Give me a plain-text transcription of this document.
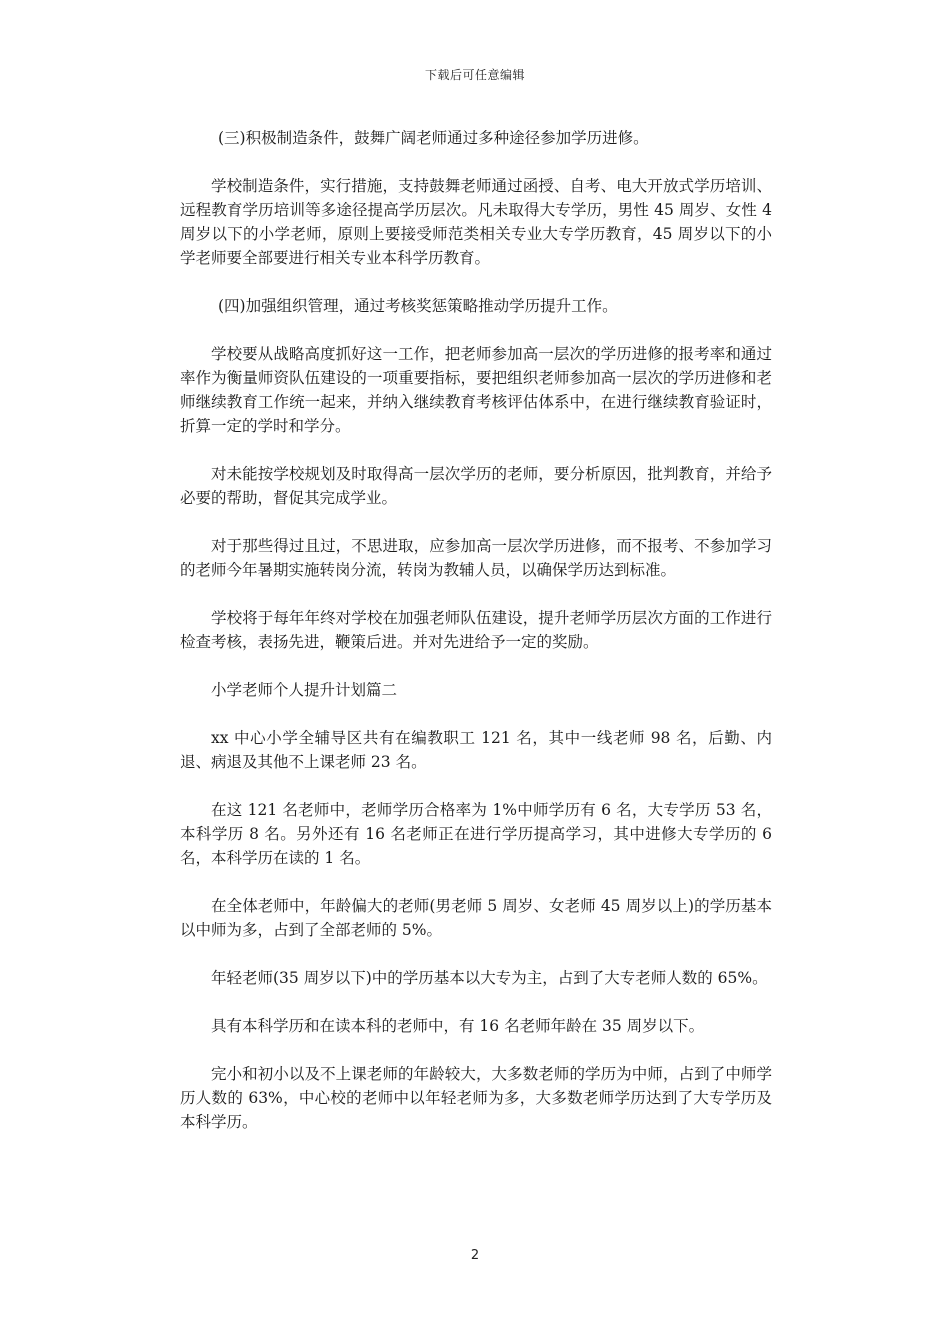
下载后可任意编辑

(三)积极制造条件，鼓舞广阔老师通过多种途径参加学历进修。

学校制造条件，实行措施，支持鼓舞老师通过函授、自考、电大开放式学历培训、远程教育学历培训等多途径提高学历层次。凡未取得大专学历，男性 45 周岁、女性 4 周岁以下的小学老师，原则上要接受师范类相关专业大专学历教育，45 周岁以下的小学老师要全部要进行相关专业本科学历教育。

(四)加强组织管理，通过考核奖惩策略推动学历提升工作。

学校要从战略高度抓好这一工作，把老师参加高一层次的学历进修的报考率和通过率作为衡量师资队伍建设的一项重要指标，要把组织老师参加高一层次的学历进修和老师继续教育工作统一起来，并纳入继续教育考核评估体系中，在进行继续教育验证时，折算一定的学时和学分。

对未能按学校规划及时取得高一层次学历的老师，要分析原因，批判教育，并给予必要的帮助，督促其完成学业。

对于那些得过且过，不思进取，应参加高一层次学历进修，而不报考、不参加学习的老师今年暑期实施转岗分流，转岗为教辅人员，以确保学历达到标准。

学校将于每年年终对学校在加强老师队伍建设，提升老师学历层次方面的工作进行检查考核，表扬先进，鞭策后进。并对先进给予一定的奖励。

小学老师个人提升计划篇二

xx 中心小学全辅导区共有在编教职工 121 名，其中一线老师 98 名，后勤、内退、病退及其他不上课老师 23 名。

在这 121 名老师中，老师学历合格率为 1%中师学历有 6 名，大专学历 53 名，本科学历 8 名。另外还有 16 名老师正在进行学历提高学习，其中进修大专学历的 6 名，本科学历在读的 1 名。

在全体老师中，年龄偏大的老师(男老师 5 周岁、女老师 45 周岁以上)的学历基本以中师为多，占到了全部老师的 5%。

年轻老师(35 周岁以下)中的学历基本以大专为主，占到了大专老师人数的 65%。

具有本科学历和在读本科的老师中，有 16 名老师年龄在 35 周岁以下。

完小和初小以及不上课老师的年龄较大，大多数老师的学历为中师，占到了中师学历人数的 63%，中心校的老师中以年轻老师为多，大多数老师学历达到了大专学历及本科学历。

2
